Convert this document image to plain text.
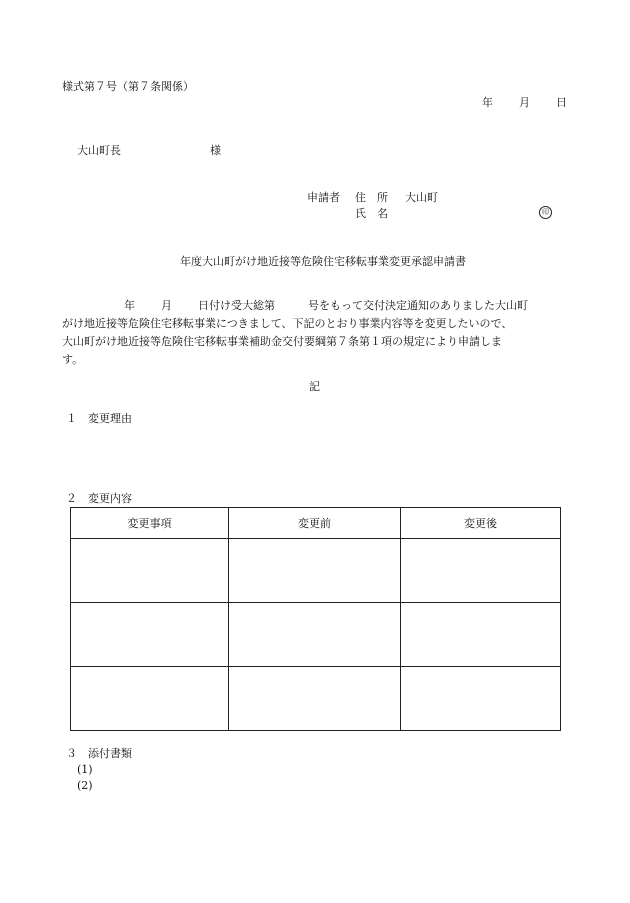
様式第７号（第７条関係）
年 月 日
大山町長	様
申請者 住　所 大山町
氏　名	印
年度大山町がけ地近接等危険住宅移転事業変更承認申請書
年 月 日付け受大総第	号をもって交付決定通知のありました大山町
がけ地近接等危険住宅移転事業につきまして、下記のとおり事業内容等を変更したいので、
大山町がけ地近接等危険住宅移転事業補助金交付要綱第７条第１項の規定により申請しま
す。
記
１ 変更理由
２ 変更内容
変更事項	変更前	変更後

３ 添付書類
(1)
(2)
